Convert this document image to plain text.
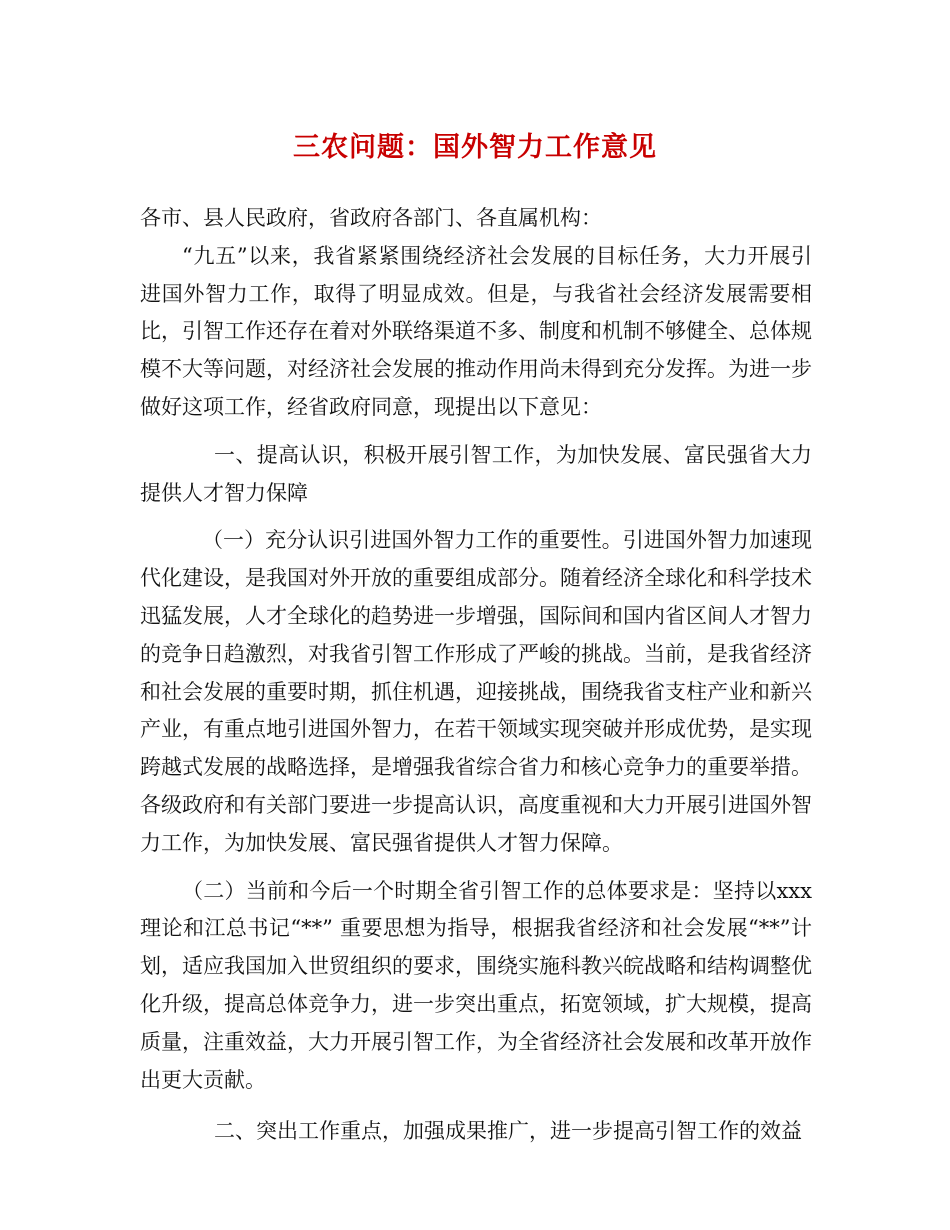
三农问题：国外智力工作意见

各市、县人民政府，省政府各部门、各直属机构：

“九五”以来，我省紧紧围绕经济社会发展的目标任务，大力开展引进国外智力工作，取得了明显成效。但是，与我省社会经济发展需要相比，引智工作还存在着对外联络渠道不多、制度和机制不够健全、总体规模不大等问题，对经济社会发展的推动作用尚未得到充分发挥。为进一步做好这项工作，经省政府同意，现提出以下意见：

一、提高认识，积极开展引智工作，为加快发展、富民强省大力提供人才智力保障

（一）充分认识引进国外智力工作的重要性。引进国外智力加速现代化建设，是我国对外开放的重要组成部分。随着经济全球化和科学技术迅猛发展，人才全球化的趋势进一步增强，国际间和国内省区间人才智力的竞争日趋激烈，对我省引智工作形成了严峻的挑战。当前，是我省经济和社会发展的重要时期，抓住机遇，迎接挑战，围绕我省支柱产业和新兴产业，有重点地引进国外智力，在若干领域实现突破并形成优势，是实现跨越式发展的战略选择，是增强我省综合省力和核心竞争力的重要举措。各级政府和有关部门要进一步提高认识，高度重视和大力开展引进国外智力工作，为加快发展、富民强省提供人才智力保障。

（二）当前和今后一个时期全省引智工作的总体要求是：坚持以xxx 理论和江总书记“**” 重要思想为指导，根据我省经济和社会发展“**”计划，适应我国加入世贸组织的要求，围绕实施科教兴皖战略和结构调整优化升级，提高总体竞争力，进一步突出重点，拓宽领域，扩大规模，提高质量，注重效益，大力开展引智工作，为全省经济社会发展和改革开放作出更大贡献。

二、突出工作重点，加强成果推广，进一步提高引智工作的效益
